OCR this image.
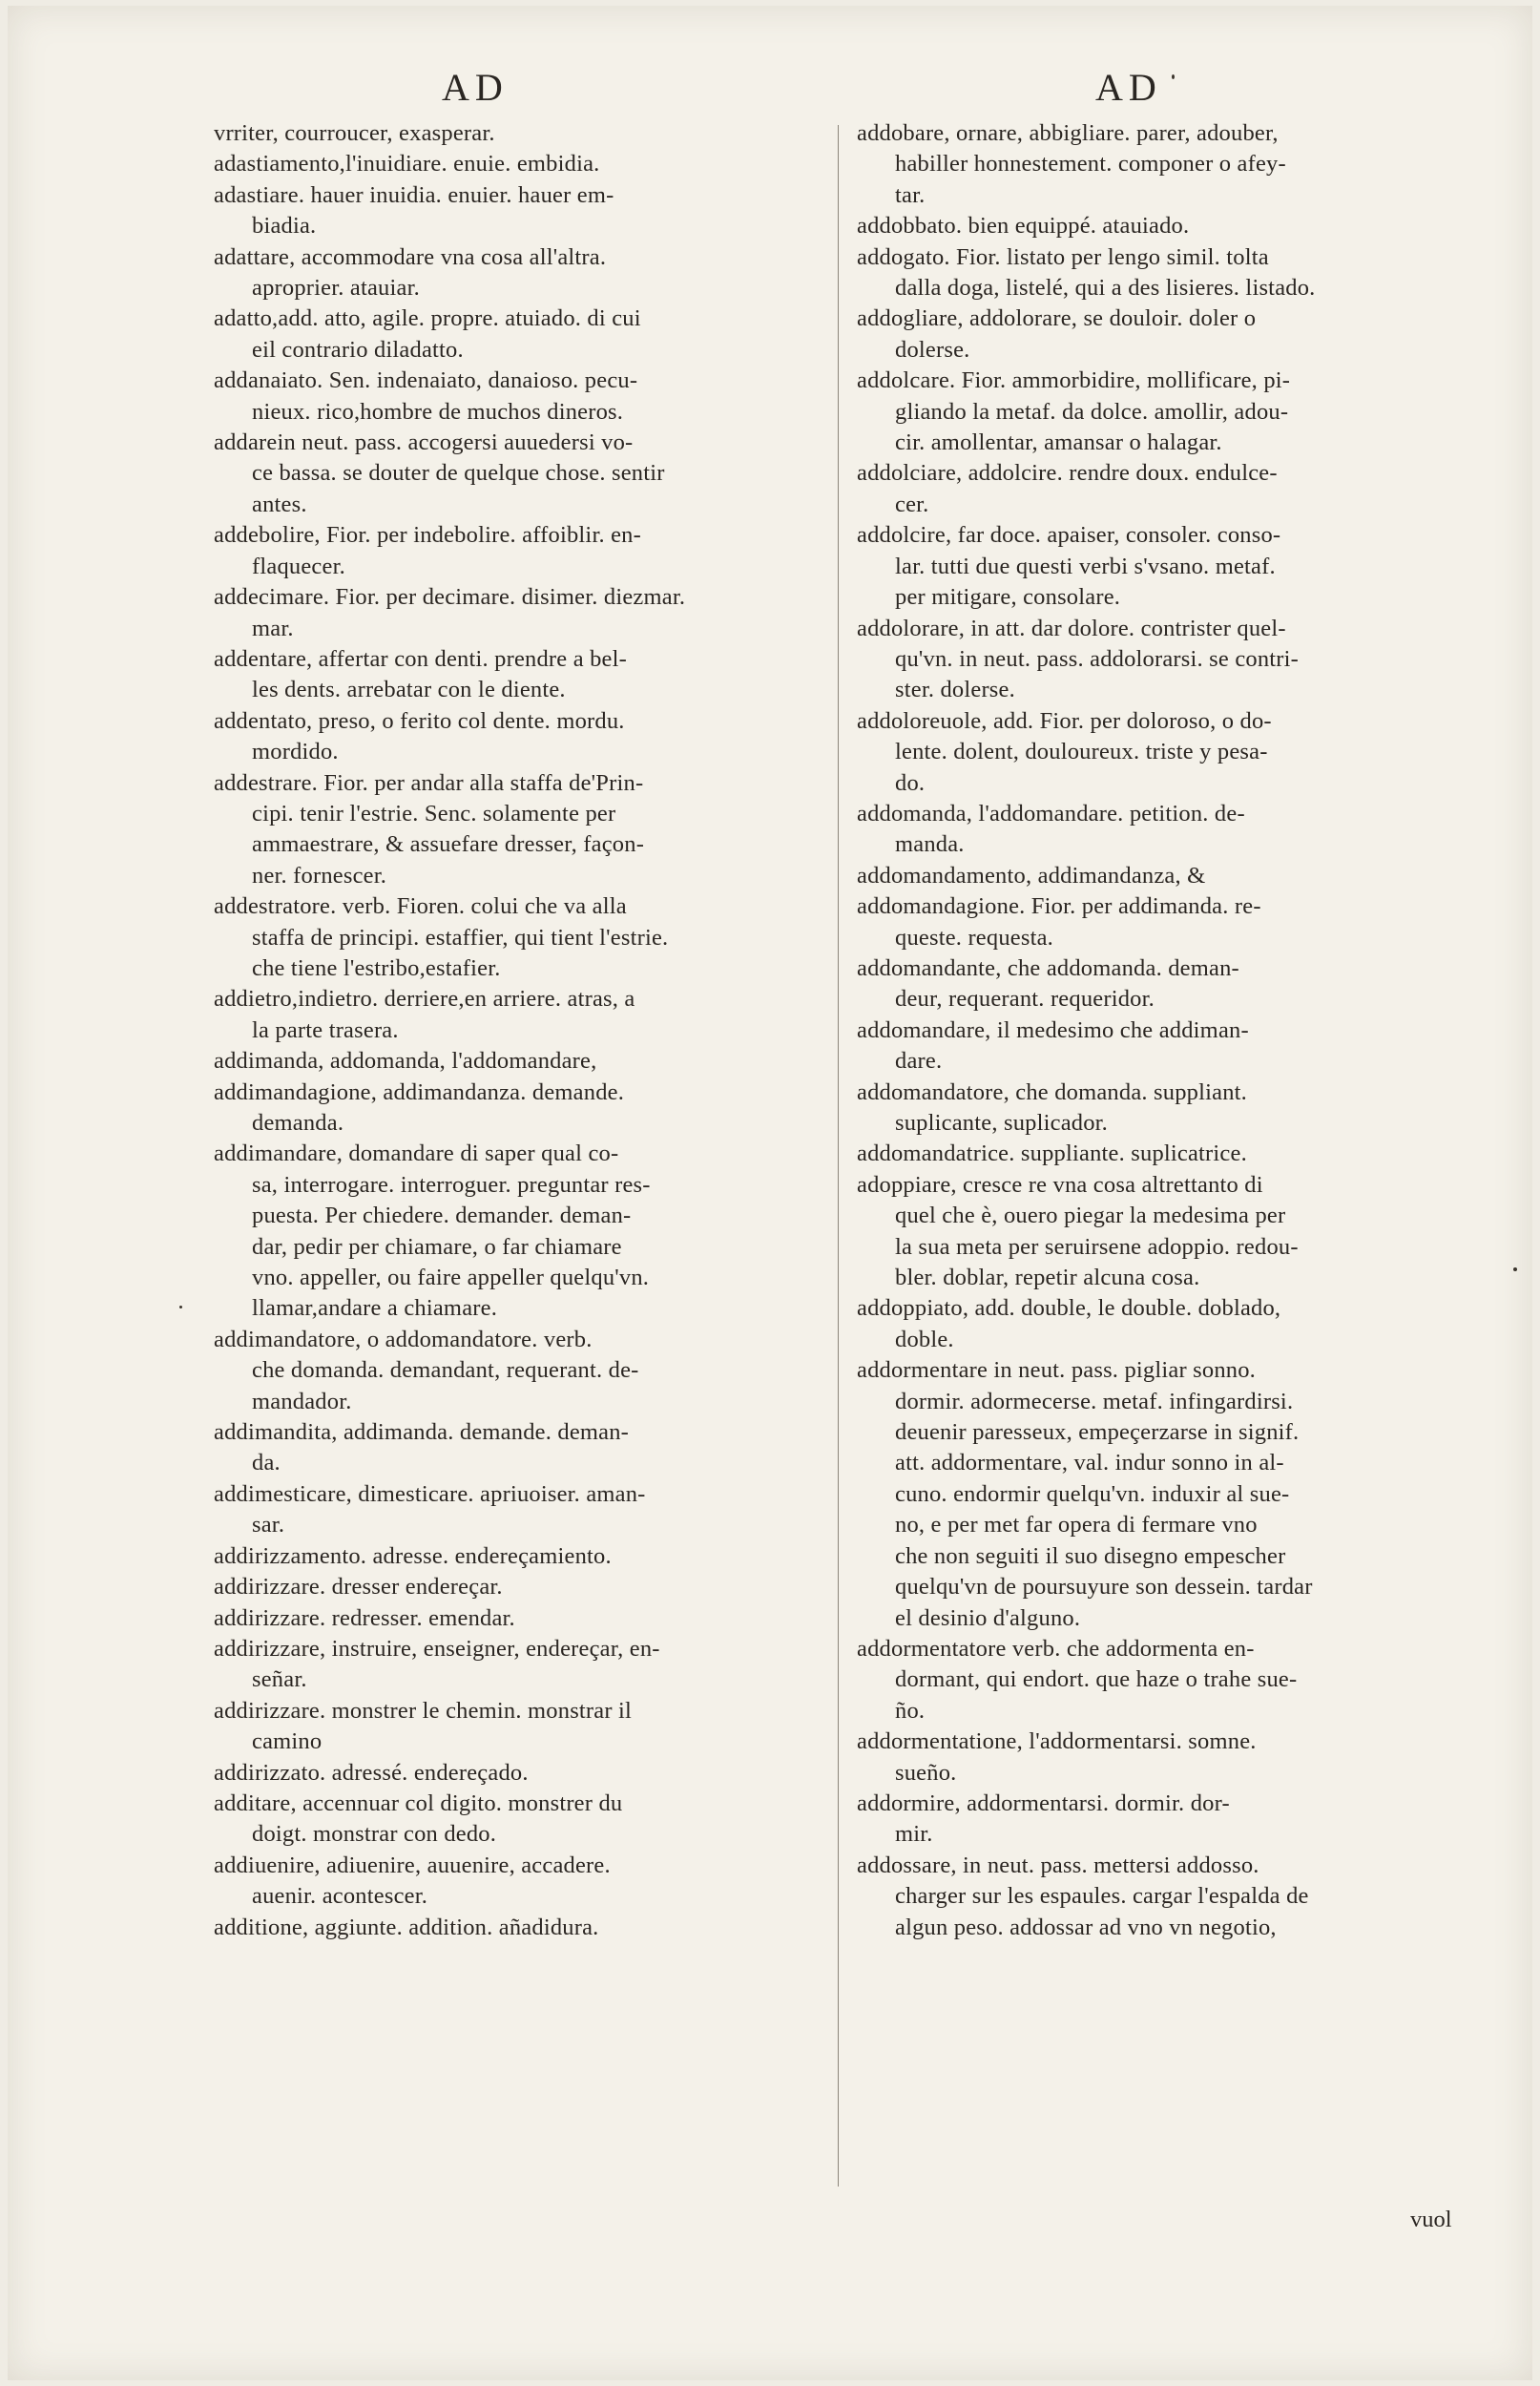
AD	AD
vrriter, courroucer, exasperar.
adastiamento,l'inuidiare. enuie. embidia.
adastiare. hauer inuidia. enuier. hauer em-
biadia.
adattare, accommodare vna cosa all'altra.
aproprier. atauiar.
adatto,add. atto, agile. propre. atuiado. di cui
eil contrario diladatto.
addanaiato. Sen. indenaiato, danaioso. pecu-
nieux. rico,hombre de muchos dineros.
addarein neut. pass. accogersi auuedersi vo-
ce bassa. se douter de quelque chose. sentir
antes.
addebolire, Fior. per indebolire. affoiblir. en-
flaquecer.
addecimare. Fior. per decimare. disimer. diezmar.
mar.
addentare, affertar con denti. prendre a bel-
les dents. arrebatar con le diente.
addentato, preso, o ferito col dente. mordu.
mordido.
addestrare. Fior. per andar alla staffa de'Prin-
cipi. tenir l'estrie. Senc. solamente per
ammaestrare, & assuefare dresser, façon-
ner. fornescer.
addestratore. verb. Fioren. colui che va alla
staffa de principi. estaffier, qui tient l'estrie.
che tiene l'estribo,estafier.
addietro,indietro. derriere,en arriere. atras, a
la parte trasera.
addimanda, addomanda, l'addomandare,
addimandagione, addimandanza. demande.
demanda.
addimandare, domandare di saper qual co-
sa, interrogare. interroguer. preguntar res-
puesta. Per chiedere. demander. deman-
dar, pedir per chiamare, o far chiamare
vno. appeller, ou faire appeller quelqu'vn.
llamar,andare a chiamare.
addimandatore, o addomandatore. verb.
che domanda. demandant, requerant. de-
mandador.
addimandita, addimanda. demande. deman-
da.
addimesticare, dimesticare. apriuoiser. aman-
sar.
addirizzamento. adresse. endereçamiento.
addirizzare. dresser endereçar.
addirizzare. redresser. emendar.
addirizzare, instruire, enseigner, endereçar, en-
señar.
addirizzare. monstrer le chemin. monstrar il
camino
addirizzato. adressé. endereçado.
additare, accennuar col digito. monstrer du
doigt. monstrar con dedo.
addiuenire, adiuenire, auuenire, accadere.
auenir. acontescer.
additione, aggiunte. addition. añadidura.
addobare, ornare, abbigliare. parer, adouber,
habiller honnestement. componer o afey-
tar.
addobbato. bien equippé. atauiado.
addogato. Fior. listato per lengo simil. tolta
dalla doga, listelé, qui a des lisieres. listado.
addogliare, addolorare, se douloir. doler o
dolerse.
addolcare. Fior. ammorbidire, mollificare, pi-
gliando la metaf. da dolce. amollir, adou-
cir. amollentar, amansar o halagar.
addolciare, addolcire. rendre doux. endulce-
cer.
addolcire, far doce. apaiser, consoler. conso-
lar. tutti due questi verbi s'vsano. metaf.
per mitigare, consolare.
addolorare, in att. dar dolore. contrister quel-
qu'vn. in neut. pass. addolorarsi. se contri-
ster. dolerse.
addoloreuole, add. Fior. per doloroso, o do-
lente. dolent, douloureux. triste y pesa-
do.
addomanda, l'addomandare. petition. de-
manda.
addomandamento, addimandanza, &
addomandagione. Fior. per addimanda. re-
queste. requesta.
addomandante, che addomanda. deman-
deur, requerant. requeridor.
addomandare, il medesimo che addiman-
dare.
addomandatore, che domanda. suppliant.
suplicante, suplicador.
addomandatrice. suppliante. suplicatrice.
adoppiare, cresce re vna cosa altrettanto di
quel che è, ouero piegar la medesima per
la sua meta per seruirsene adoppio. redou-
bler. doblar, repetir alcuna cosa.
addoppiato, add. double, le double. doblado,
doble.
addormentare in neut. pass. pigliar sonno.
dormir. adormecerse. metaf. infingardirsi.
deuenir paresseux, empeçerzarse in signif.
att. addormentare, val. indur sonno in al-
cuno. endormir quelqu'vn. induxir al sue-
no, e per met far opera di fermare vno
che non seguiti il suo disegno empescher
quelqu'vn de poursuyure son dessein. tardar
el desinio d'alguno.
addormentatore verb. che addormenta en-
dormant, qui endort. que haze o trahe sue-
ño.
addormentatione, l'addormentarsi. somne.
sueño.
addormire, addormentarsi. dormir. dor-
mir.
addossare, in neut. pass. mettersi addosso.
charger sur les espaules. cargar l'espalda de
algun peso. addossar ad vno vn negotio,
vuol
